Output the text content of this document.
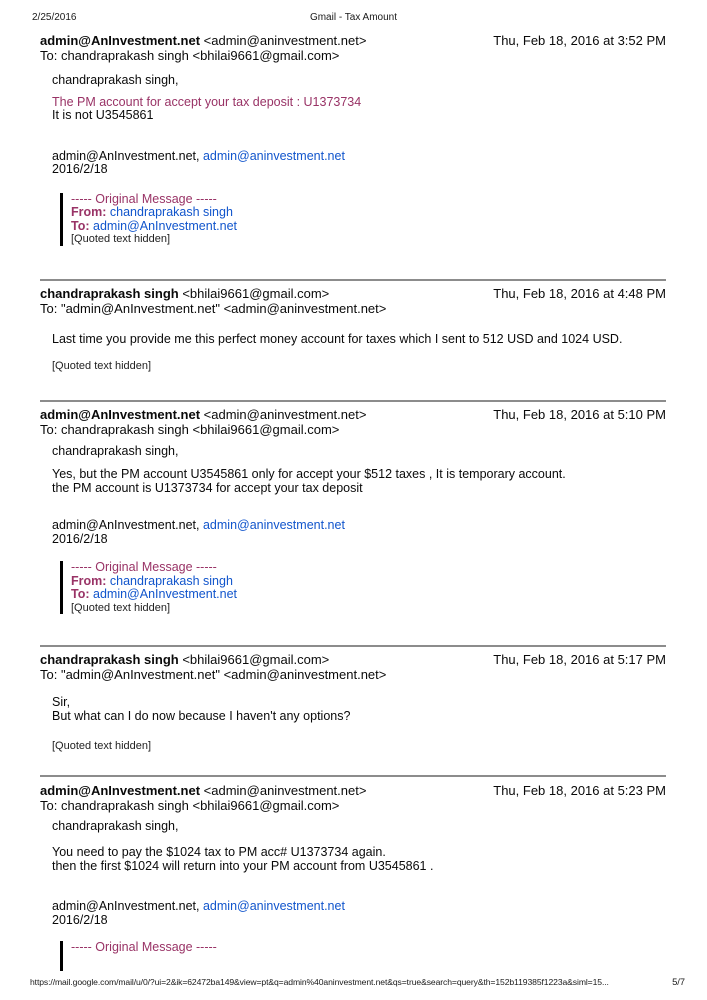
2/25/2016	Gmail - Tax Amount
admin@AnInvestment.net <admin@aninvestment.net>	Thu, Feb 18, 2016 at 3:52 PM
To: chandraprakash singh <bhilai9661@gmail.com>
chandraprakash singh,
The PM account for accept your tax deposit : U1373734
It is not U3545861
admin@AnInvestment.net, admin@aninvestment.net
2016/2/18
----- Original Message -----
From: chandraprakash singh
To: admin@AnInvestment.net
[Quoted text hidden]
chandraprakash singh <bhilai9661@gmail.com>	Thu, Feb 18, 2016 at 4:48 PM
To: "admin@AnInvestment.net" <admin@aninvestment.net>
Last time you provide me this perfect money account for taxes which I sent to 512 USD and 1024 USD.
[Quoted text hidden]
admin@AnInvestment.net <admin@aninvestment.net>	Thu, Feb 18, 2016 at 5:10 PM
To: chandraprakash singh <bhilai9661@gmail.com>
chandraprakash singh,
Yes, but the PM account U3545861 only for accept your $512 taxes , It is temporary account.
the PM account is U1373734 for accept your tax deposit
admin@AnInvestment.net, admin@aninvestment.net
2016/2/18
----- Original Message -----
From: chandraprakash singh
To: admin@AnInvestment.net
[Quoted text hidden]
chandraprakash singh <bhilai9661@gmail.com>	Thu, Feb 18, 2016 at 5:17 PM
To: "admin@AnInvestment.net" <admin@aninvestment.net>
Sir,
But what can I do now because I haven't any options?
[Quoted text hidden]
admin@AnInvestment.net <admin@aninvestment.net>	Thu, Feb 18, 2016 at 5:23 PM
To: chandraprakash singh <bhilai9661@gmail.com>
chandraprakash singh,
You need to pay the $1024 tax to PM acc# U1373734 again.
then the first $1024 will return into your PM account from U3545861 .
admin@AnInvestment.net, admin@aninvestment.net
2016/2/18
----- Original Message -----
https://mail.google.com/mail/u/0/?ui=2&ik=62472ba149&view=pt&q=admin%40aninvestment.net&qs=true&search=query&th=152b119385f1223a&siml=15...	5/7
